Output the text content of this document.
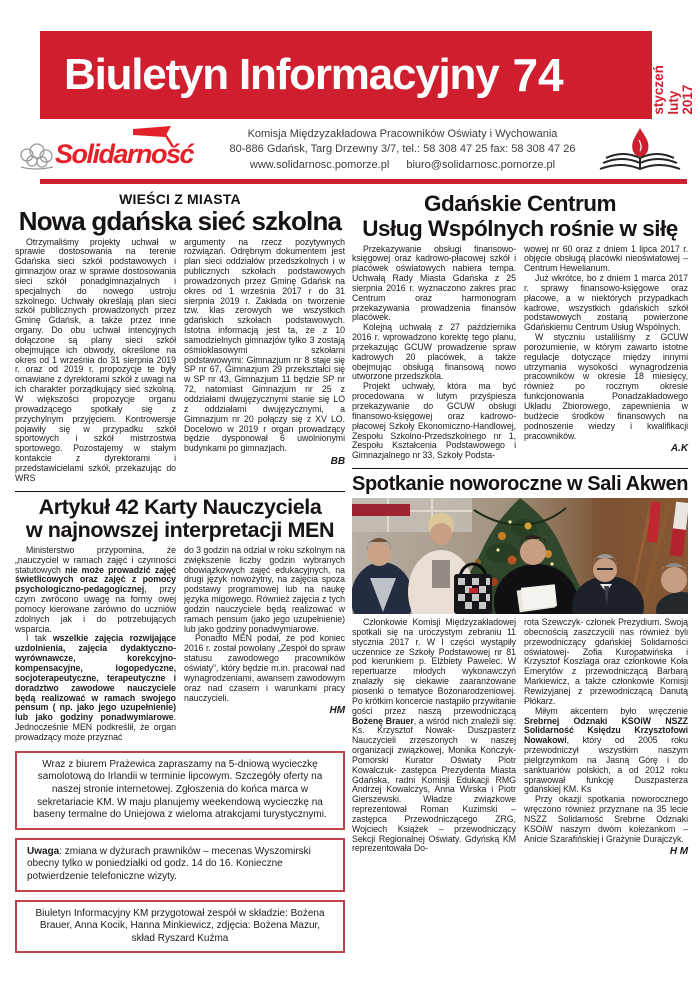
Biuletyn Informacyjny 74	styczeń luty 2017
Solidarność
Komisja Międzyzakładowa Pracowników Oświaty i Wychowania
80-886 Gdańsk, Targ Drzewny 3/7, tel.: 58 308 47 25 fax: 58 308 47 26
www.solidarnosc.pomorze.pl biuro@solidarnosc.pomorze.pl
WIEŚCI Z MIASTA
Nowa gdańska sieć szkolna

Otrzymaliśmy projekty uchwał w sprawie dostosowania na terenie Gdańska sieci szkół podstawowych i gimnazjów oraz w sprawie dostosowania sieci szkół ponadgimnazjalnych i specjalnych do nowego ustroju szkolnego. Uchwały określają plan sieci szkół publicznych prowadzonych przez Gminę Gdańsk, a także przez inne organy. Do obu uchwał intencyjnych dołączone są plany sieci szkół obejmujące ich obwody, określone na okres od 1 września do 31 sierpnia 2019 r. oraz od 2019 r. propozycje te były omawiane z dyrektorami szkół z uwagi na ich charakter porządkujący sieć szkolną. W większości propozycje organu prowadzącego spotkały się z przychylnym przyjęciem. Kontrowersje pojawiły się w przypadku szkół sportowych i szkół mistrzostwa sportowego. Pozostajemy w stałym kontakcie z dyrektorami i przedstawicielami szkół, przekazując do WRS

argumenty na rzecz pozytywnych rozwiązań. Odrębnym dokumentem jest plan sieci oddziałów przedszkolnych i w publicznych szkołach podstawowych prowadzonych przez Gminę Gdańsk na okres od 1 września 2017 r do 31 sierpnia 2019 r. Zakłada on tworzenie tzw. klas zerowych we wszystkich gdańskich szkołach podstawowych. Istotna informacją jest ta, że z 10 samodzielnych gimnazjów tylko 3 zostają ośmioklasowymi szkołami podstawowymi: Gimnazjum nr 8 staje się SP nr 67, Gimnazjum 29 przekształci się w SP nr 43, Gimnazjum 11 będzie SP nr 72, natomiast Gimnazjum nr 25 z oddziałami dwujęzycznymi stanie się LO z oddziałami dwujęzycznymi, a Gimnazjum nr 20 połączy się z XV LO. Docelowo w 2019 r organ prowadzący będzie dysponował 6 uwolnionymi budynkami po gimnazjach.

BB
Artykuł 42 Karty Nauczyciela
w najnowszej interpretacji MEN

Ministerstwo przypomina, że „nauczyciel w ramach zajęć i czynności statutowych nie może prowadzić zajęć świetlicowych oraz zajęć z pomocy psychologiczno-pedagogicznej, przy czym zwrócono uwagę na formy owej pomocy kierowane zarówno do uczniów zdolnych jak i do potrzebujących wsparcia.

I tak wszelkie zajęcia rozwijające uzdolnienia, zajęcia dydaktyczno-wyrównawcze, korekcyjno-kompensacyjne, logopedyczne, socjoterapeutyczne, terapeutyczne i doradztwo zawodowe nauczyciele będą realizować w ramach swojego pensum ( np. jako jego uzupełnienie) lub jako godziny ponadwymiarowe. Jednocześnie MEN podkreślił, że organ prowadzący może przyznać

do 3 godzin na odział w roku szkolnym na zwiększenie liczby godzin wybranych obowiązkowych zajęć edukacyjnych, na drugi język nowożytny, na zajęcia spoza podstawy programowej lub na naukę języka migowego. Również zajęcia z tych godzin nauczyciele będą realizować w ramach pensum (jako jego uzupełnienie) lub jako godziny ponadwymiarowe.

Ponadto MEN podał, że pod koniec 2016 r. został powołany „Zespół do spraw statusu zawodowego pracowników oświaty”, który będzie m.in. pracował nad wynagrodzeniami, awansem zawodowym oraz nad czasem i warunkami pracy nauczycieli.

HM
Wraz z biurem Prażewica zapraszamy na 5-dniową wycieczkę samolotową do Irlandii w terminie lipcowym. Szczegóły oferty na naszej stronie internetowej. Zgłoszenia do końca marca w sekretariacie KM. W maju planujemy weekendową wycieczkę na baseny termalne do Uniejowa z wieloma atrakcjami turystycznymi.

Uwaga: zmiana w dyżurach prawników – mecenas Wyszomirski obecny tylko w poniedziałki od godz. 14 do 16. Konieczne potwierdzenie telefoniczne wizyty.

Biuletyn Informacyjny KM przygotował zespół w składzie: Bożena Brauer, Anna Kocik, Hanna Minkiewicz, zdjęcia: Bożena Mazur, skład Ryszard Kuźma
Gdańskie Centrum
Usług Wspólnych rośnie w siłę

Przekazywanie obsługi finansowo-księgowej oraz kadrowo-płacowej szkół i placówek oświatowych nabiera tempa. Uchwałą Rady Miasta Gdańska z 25 sierpnia 2016 r. wyznaczono zakres prac Centrum oraz harmonogram przekazywania prowadzenia finansów placówek.

Kolejną uchwałą z 27 października 2016 r. wprowadzono korektę tego planu, przekazując GCUW prowadzenie spraw kadrowych 20 placówek, a także obejmując obsługą finansową nowo utworzone przedszkola.

Projekt uchwały, która ma być procedowana w lutym przyśpiesza przekazywanie do GCUW obsługi finansowo-księgowej oraz kadrowo-płacowej Szkoły Ekonomiczno-Handlowej, Zespołu Szkolno-Przedszkolnego nr 1, Zespołu Kształcenia Podstawowego i Gimnazjalnego nr 33, Szkoły Podsta-

wowej nr 60 oraz z dniem 1 lipca 2017 r. objęcie obsługą placówki nieoświatowej – Centrum Hewelianum.

Już wkrótce, bo z dniem 1 marca 2017 r. sprawy finansowo-księgowe oraz płacowe, a w niektórych przypadkach kadrowe, wszystkich gdańskich szkół podstawowych zostaną powierzone Gdańskiemu Centrum Usług Wspólnych.

W styczniu ustaliliśmy z GCUW porozumienie, w którym zawarto istotne regulacje dotyczące między innymi utrzymania wysokości wynagrodzenia pracowników w okresie 18 miesięcy, również po rocznym okresie funkcjonowania Ponadzakładowego Układu Zbiorowego, zapewnienia w budżecie środków finansowych na podnoszenie wiedzy i kwalifikacji pracowników.

A.K
Spotkanie noworoczne w Sali Akwen

Członkowie Komisji Międzyzakładowej spotkali się na uroczystym zebraniu 11 stycznia 2017 r. W I części wystąpiły uczennice ze Szkoły Podstawowej nr 81 pod kierunkiem p. Elżbiety Pawelec. W repertuarze młodych wykonawczyń znalazły się ciekawie zaaranżowane piosenki o tematyce Bożonarodzeniowej. Po krótkim koncercie nastąpiło przywitanie gości przez naszą przewodniczącą Bożenę Brauer, a wśród nich znaleźli się: Ks. Krzysztof Nowak- Duszpasterz Nauczycieli zrzeszonych w naszej organizacji związkowej, Monika Kończyk- Pomorski Kurator Oświaty Piotr Kowalczuk- zastępca Prezydenta Miasta Gdańska, radni Komisji Edukacji RMG Andrzej Kowalczys, Anna Wirska i Piotr Gierszewski. Władze związkowe reprezentował Roman Kuzimski – zastępca Przewodniczącego ZRG, Wojciech Książek – przewodniczący Sekcji Regionalnej Oświaty. Gdyńską KM reprezentowała Do-

rota Szewczyk- członek Prezydium. Swoją obecnością zaszczycili nas również byli przewodniczący gdańskiej Solidarności oświatowej- Zofia Kuropatwińska i Krzysztof Koszlaga oraz członkowie Koła Emerytów z przewodniczącą Barbarą Markiewicz, a także członkowie Komisji Rewizyjanej z przewodniczącą Danutą Płókarz.

Miłym akcentem było wręczenie Srebrnej Odznaki KSOiW NSZZ Solidarność Księdzu Krzysztofowi Nowakowi, który od 2005 roku przewodniczył wszystkim naszym pielgrzymkom na Jasną Górę i do sanktuariów polskich, a od 2012 roku sprawował funkcję Duszpasterza gdańskiej KM. Ks

Przy okazji spotkania noworocznego wręczono również przyznane na 35 lecie NSZZ Solidarność Srebrne Odznaki KSOiW naszym dwóm koleżankom – Anicie Szarafińskiej i Grażynie Durajczyk.

H M
